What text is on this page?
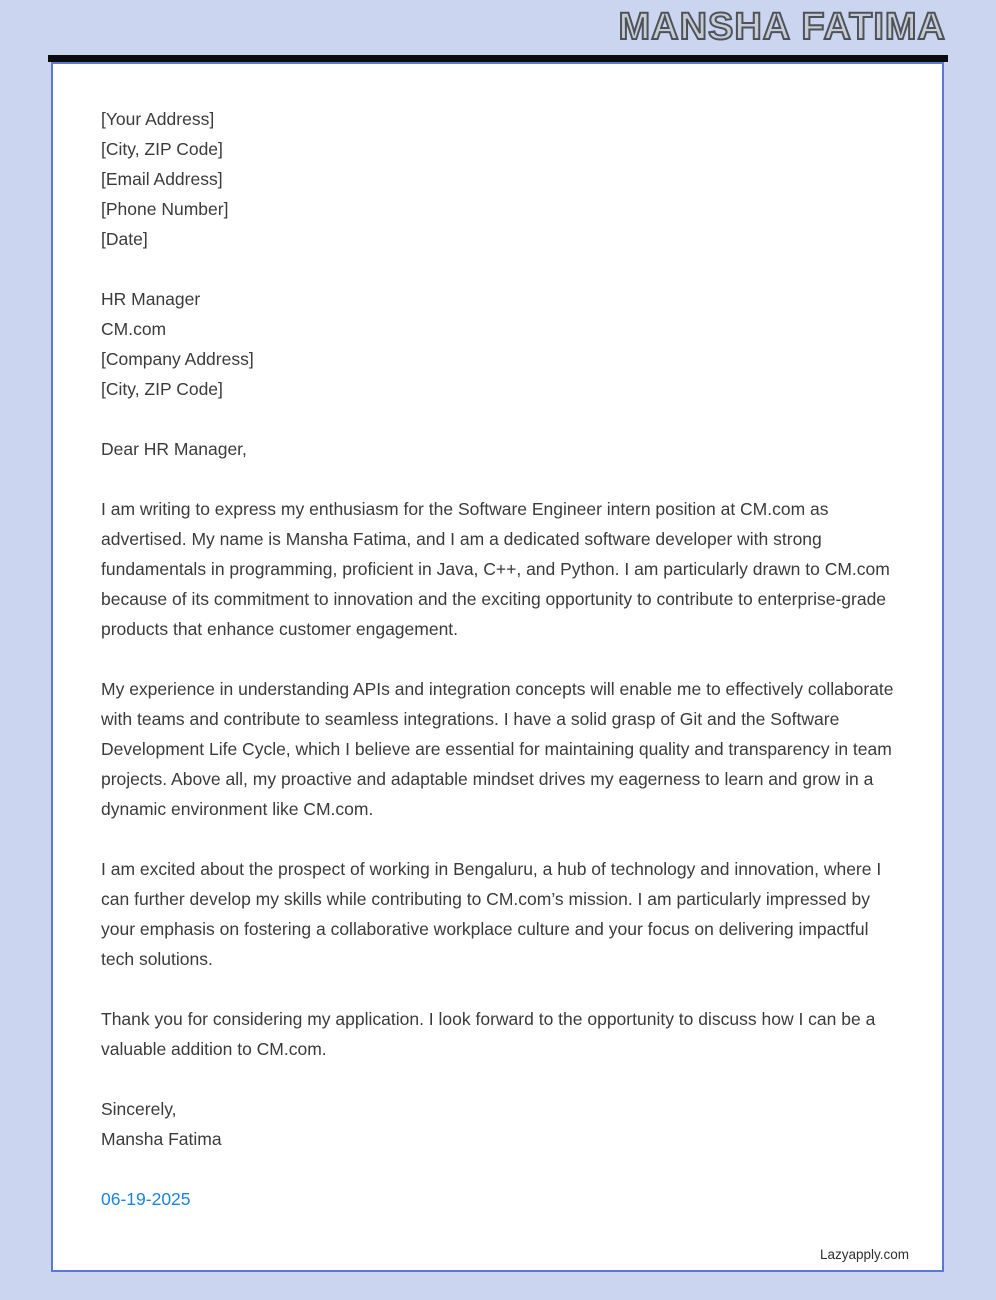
MANSHA FATIMA
[Your Address]
[City, ZIP Code]
[Email Address]
[Phone Number]
[Date]
HR Manager
CM.com
[Company Address]
[City, ZIP Code]
Dear HR Manager,

I am writing to express my enthusiasm for the Software Engineer intern position at CM.com as advertised. My name is Mansha Fatima, and I am a dedicated software developer with strong fundamentals in programming, proficient in Java, C++, and Python. I am particularly drawn to CM.com because of its commitment to innovation and the exciting opportunity to contribute to enterprise-grade products that enhance customer engagement.

My experience in understanding APIs and integration concepts will enable me to effectively collaborate with teams and contribute to seamless integrations. I have a solid grasp of Git and the Software Development Life Cycle, which I believe are essential for maintaining quality and transparency in team projects. Above all, my proactive and adaptable mindset drives my eagerness to learn and grow in a dynamic environment like CM.com.

I am excited about the prospect of working in Bengaluru, a hub of technology and innovation, where I can further develop my skills while contributing to CM.com’s mission. I am particularly impressed by your emphasis on fostering a collaborative workplace culture and your focus on delivering impactful tech solutions.

Thank you for considering my application. I look forward to the opportunity to discuss how I can be a valuable addition to CM.com.

Sincerely,
Mansha Fatima
06-19-2025
Lazyapply.com
